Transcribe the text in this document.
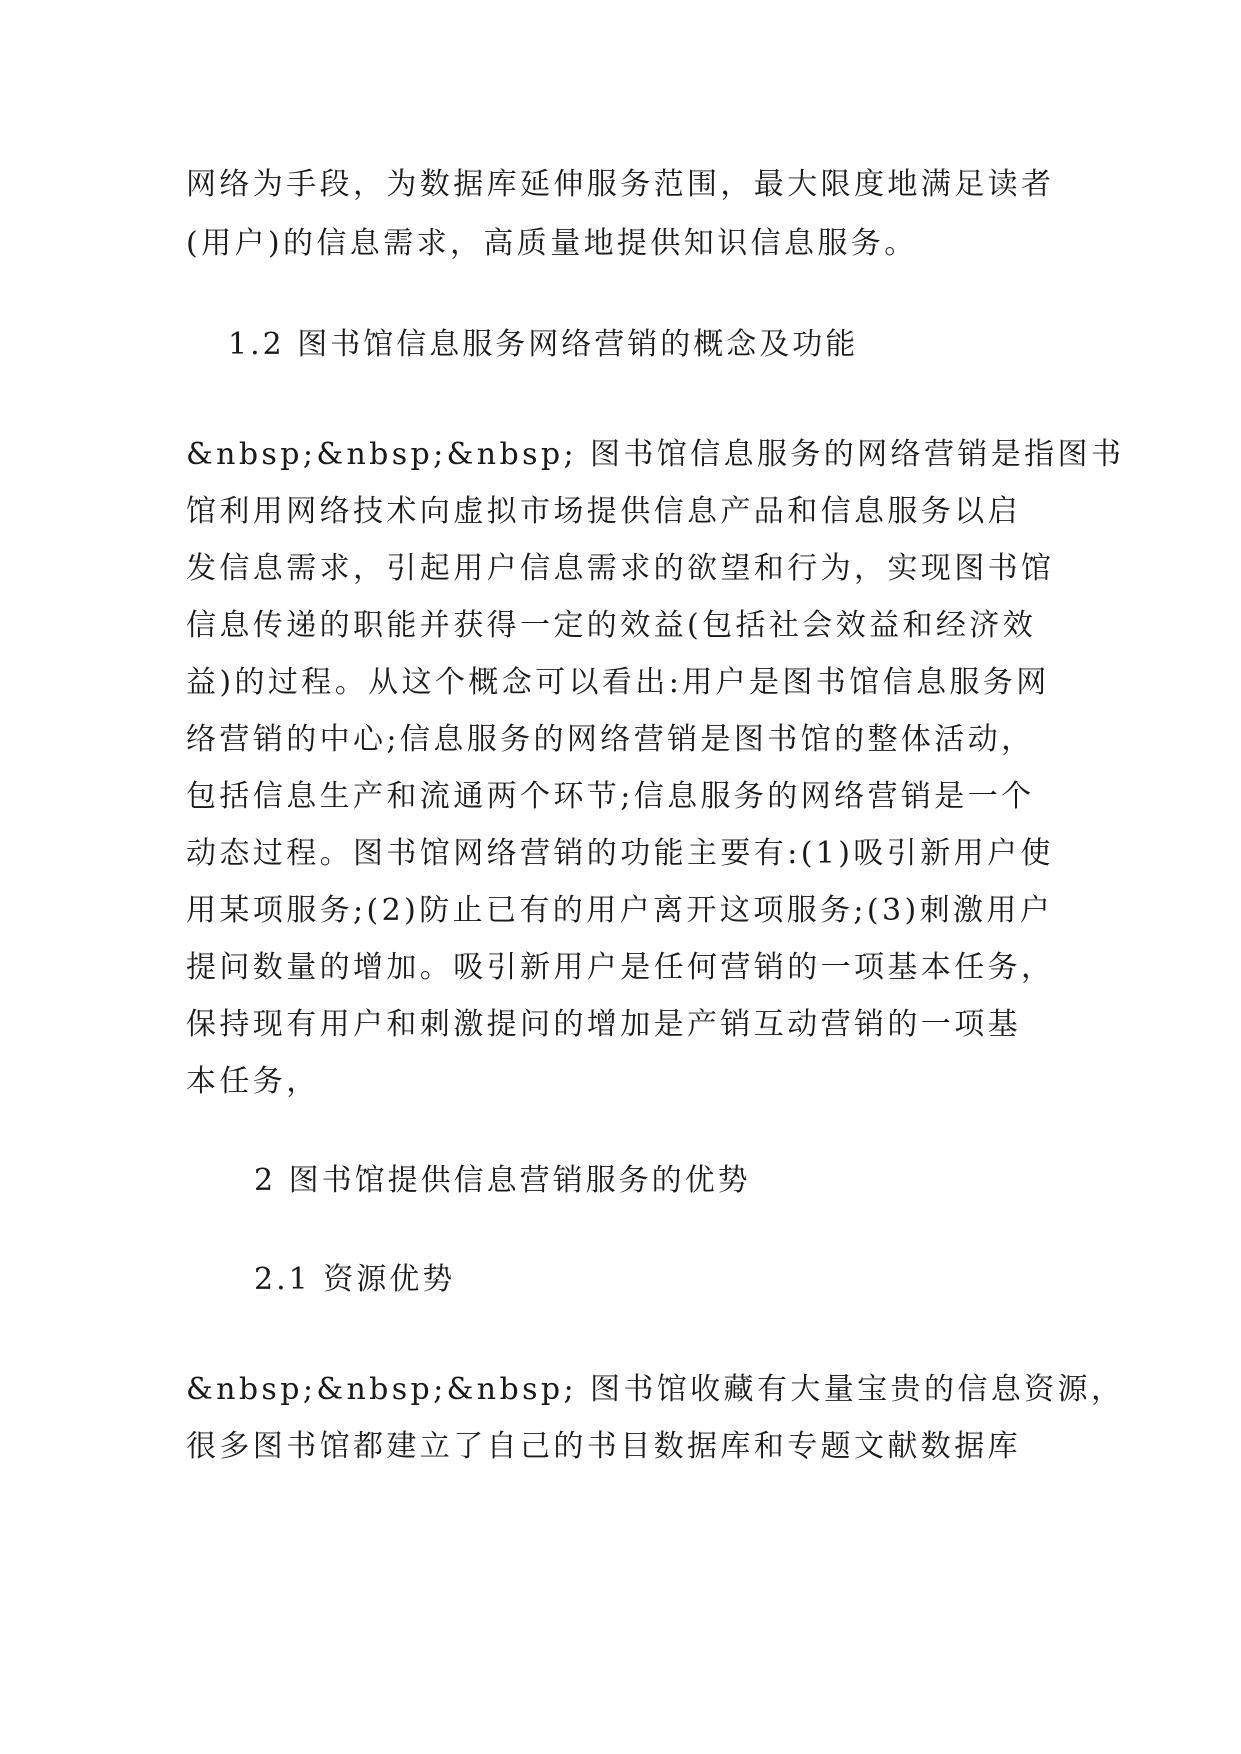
网络为手段，为数据库延伸服务范围，最大限度地满足读者
(用户)的信息需求，高质量地提供知识信息服务。
1.2 图书馆信息服务网络营销的概念及功能
&nbsp;&nbsp;&nbsp; 图书馆信息服务的网络营销是指图书
馆利用网络技术向虚拟市场提供信息产品和信息服务以启
发信息需求，引起用户信息需求的欲望和行为，实现图书馆
信息传递的职能并获得一定的效益(包括社会效益和经济效
益)的过程。从这个概念可以看出:用户是图书馆信息服务网
络营销的中心;信息服务的网络营销是图书馆的整体活动，
包括信息生产和流通两个环节;信息服务的网络营销是一个
动态过程。图书馆网络营销的功能主要有:(1)吸引新用户使
用某项服务;(2)防止已有的用户离开这项服务;(3)刺激用户
提问数量的增加。吸引新用户是任何营销的一项基本任务，
保持现有用户和刺激提问的增加是产销互动营销的一项基
本任务，
2 图书馆提供信息营销服务的优势
2.1 资源优势
&nbsp;&nbsp;&nbsp; 图书馆收藏有大量宝贵的信息资源，
很多图书馆都建立了自己的书目数据库和专题文献数据库
